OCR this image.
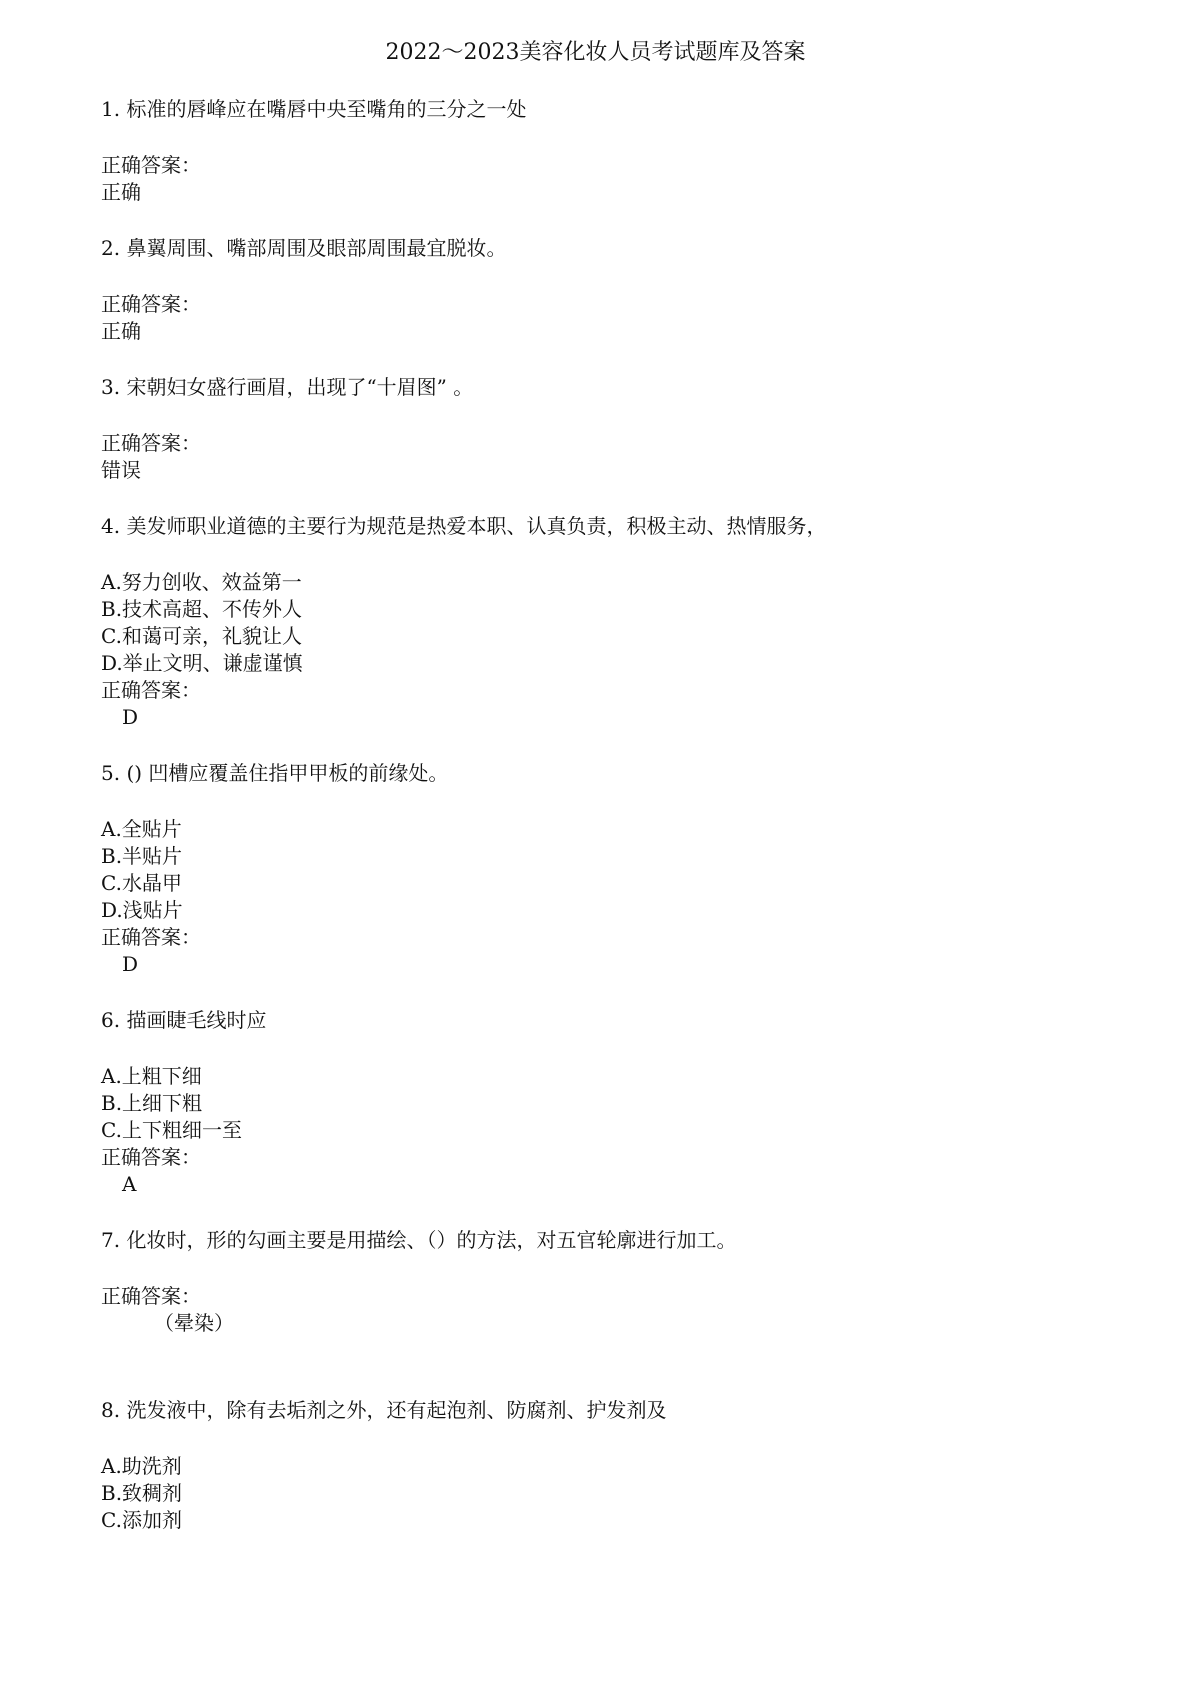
2022～2023美容化妆人员考试题库及答案
1. 标准的唇峰应在嘴唇中央至嘴角的三分之一处
正确答案：
正确
2. 鼻翼周围、嘴部周围及眼部周围最宜脱妆。
正确答案：
正确
3. 宋朝妇女盛行画眉，出现了“十眉图” 。
正确答案：
错误
4. 美发师职业道德的主要行为规范是热爱本职、认真负责，积极主动、热情服务，
A.努力创收、效益第一
B.技术高超、不传外人
C.和蔼可亲，礼貌让人
D.举止文明、谦虚谨慎
正确答案：
D
5. () 凹槽应覆盖住指甲甲板的前缘处。
A.全贴片
B.半贴片
C.水晶甲
D.浅贴片
正确答案：
D
6. 描画睫毛线时应
A.上粗下细
B.上细下粗
C.上下粗细一至
正确答案：
A
7. 化妆时，形的勾画主要是用描绘、（）的方法，对五官轮廓进行加工。
正确答案：
（晕染）
8. 洗发液中，除有去垢剂之外，还有起泡剂、防腐剂、护发剂及
A.助洗剂
B.致稠剂
C.添加剂
